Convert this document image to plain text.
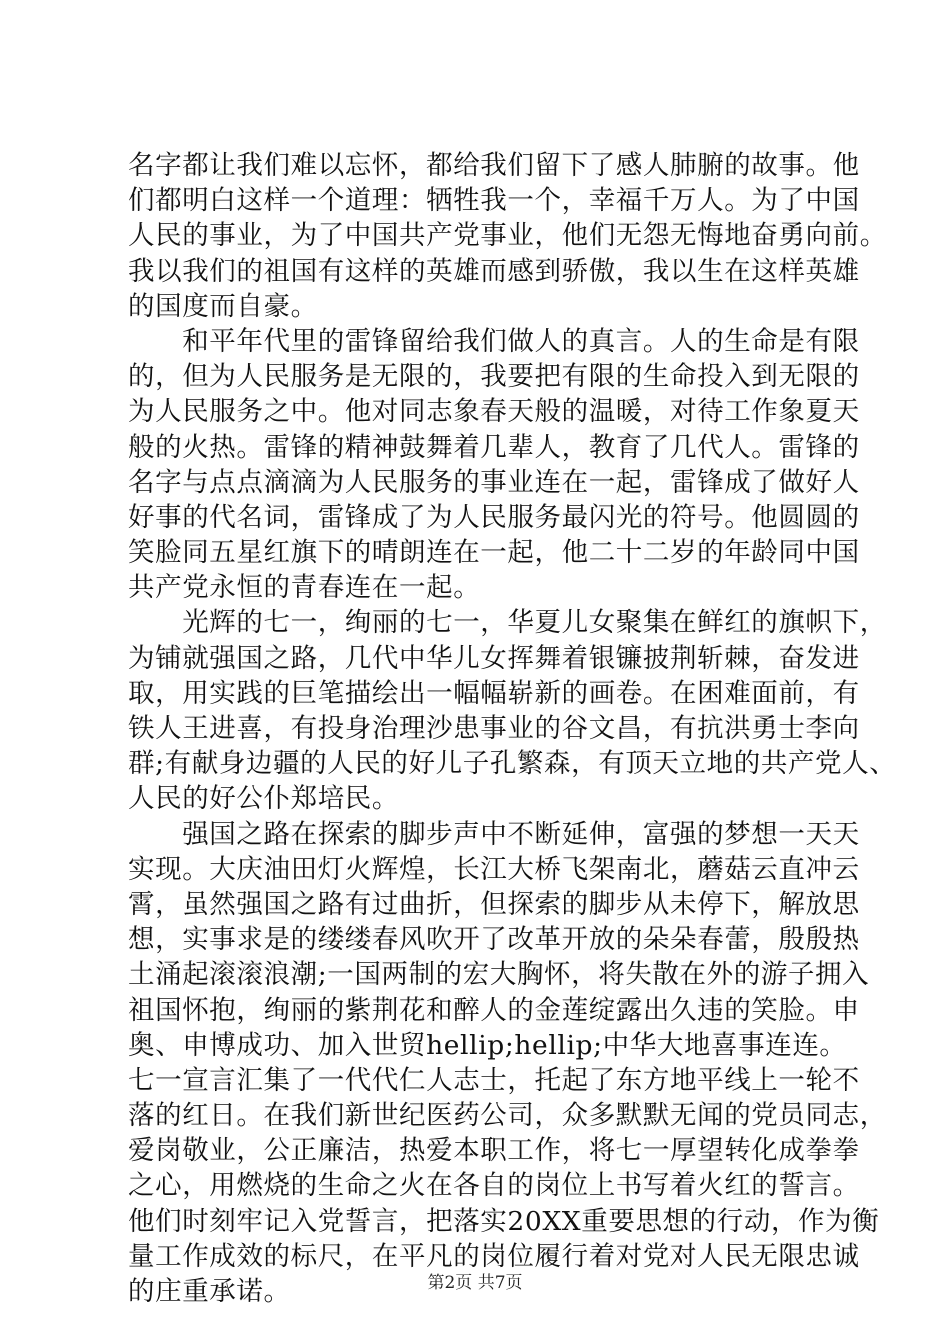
名字都让我们难以忘怀，都给我们留下了感人肺腑的故事。他
们都明白这样一个道理：牺牲我一个，幸福千万人。为了中国
人民的事业，为了中国共产党事业，他们无怨无悔地奋勇向前。
我以我们的祖国有这样的英雄而感到骄傲，我以生在这样英雄
的国度而自豪。
　　和平年代里的雷锋留给我们做人的真言。人的生命是有限
的，但为人民服务是无限的，我要把有限的生命投入到无限的
为人民服务之中。他对同志象春天般的温暖，对待工作象夏天
般的火热。雷锋的精神鼓舞着几辈人，教育了几代人。雷锋的
名字与点点滴滴为人民服务的事业连在一起，雷锋成了做好人
好事的代名词，雷锋成了为人民服务最闪光的符号。他圆圆的
笑脸同五星红旗下的晴朗连在一起，他二十二岁的年龄同中国
共产党永恒的青春连在一起。
　　光辉的七一，绚丽的七一，华夏儿女聚集在鲜红的旗帜下，
为铺就强国之路，几代中华儿女挥舞着银镰披荆斩棘，奋发进
取，用实践的巨笔描绘出一幅幅崭新的画卷。在困难面前，有
铁人王进喜，有投身治理沙患事业的谷文昌，有抗洪勇士李向
群;有献身边疆的人民的好儿子孔繁森，有顶天立地的共产党人、
人民的好公仆郑培民。
　　强国之路在探索的脚步声中不断延伸，富强的梦想一天天
实现。大庆油田灯火辉煌，长江大桥飞架南北，蘑菇云直冲云
霄，虽然强国之路有过曲折，但探索的脚步从未停下，解放思
想，实事求是的缕缕春风吹开了改革开放的朵朵春蕾，殷殷热
土涌起滚滚浪潮;一国两制的宏大胸怀，将失散在外的游子拥入
祖国怀抱，绚丽的紫荆花和醉人的金莲绽露出久违的笑脸。申
奥、申博成功、加入世贸hellip;hellip;中华大地喜事连连。
七一宣言汇集了一代代仁人志士，托起了东方地平线上一轮不
落的红日。在我们新世纪医药公司，众多默默无闻的党员同志，
爱岗敬业，公正廉洁，热爱本职工作，将七一厚望转化成拳拳
之心，用燃烧的生命之火在各自的岗位上书写着火红的誓言。
他们时刻牢记入党誓言，把落实20XX重要思想的行动，作为衡
量工作成效的标尺，在平凡的岗位履行着对党对人民无限忠诚
的庄重承诺。	第2页 共7页
